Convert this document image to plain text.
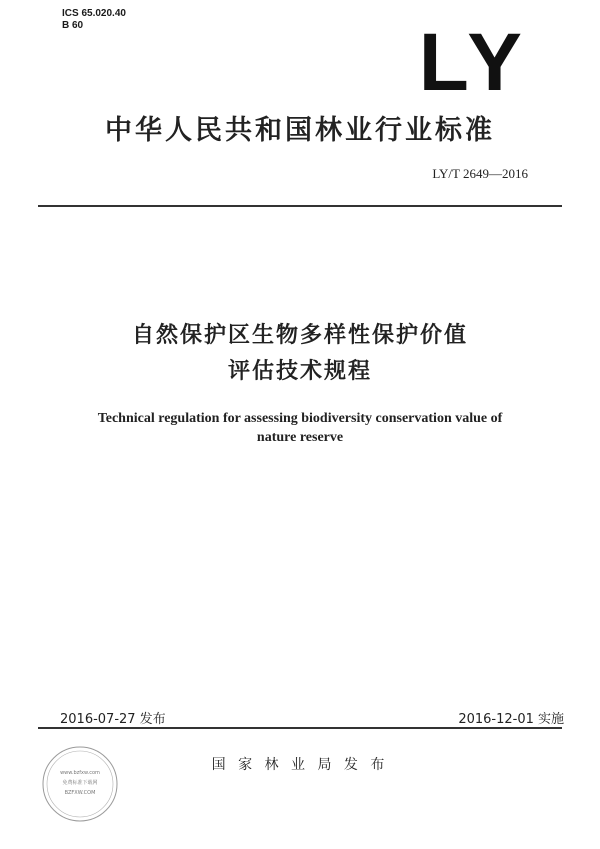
ICS 65.020.40
B 60	LY
中华人民共和国林业行业标准
LY/T 2649—2016
自然保护区生物多样性保护价值
评估技术规程
Technical regulation for assessing biodiversity conservation value of
nature reserve
2016-07-27 发布	2016-12-01 实施
国 家 林 业 局 发 布
www.bzfxw.com
免费标准下载网
BZFXW.COM
